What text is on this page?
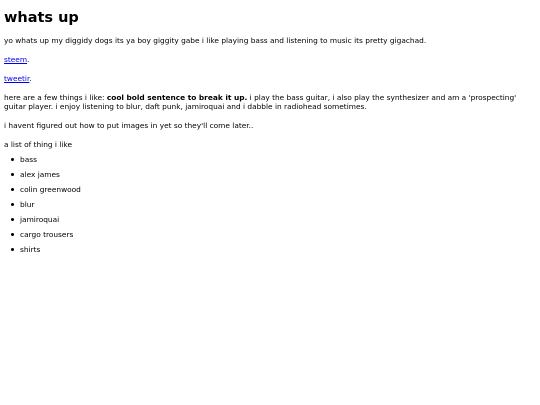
whats up

yo whats up my diggidy dogs its ya boy giggity gabe i like playing bass and listening to music its pretty gigachad.

steem.

tweetir.

here are a few things i like: cool bold sentence to break it up. i play the bass guitar, i also play the synthesizer and am a 'prospecting' guitar player. i enjoy listening to blur, daft punk, jamiroquai and i dabble in radiohead sometimes.

i havent figured out how to put images in yet so they'll come later..

a list of thing i like

bass
alex james
colin greenwood
blur
jamiroquai
cargo trousers
shirts
